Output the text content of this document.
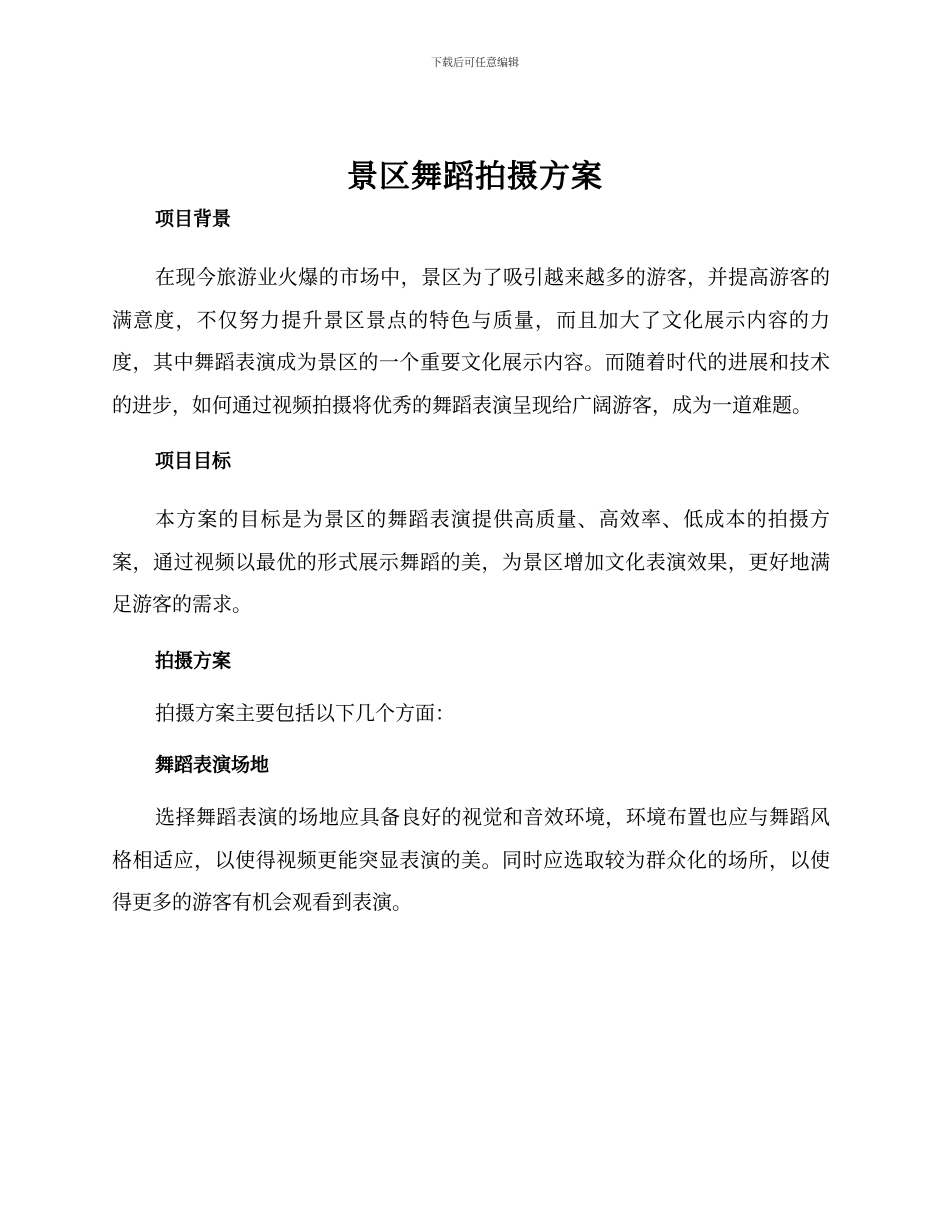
下载后可任意编辑
景区舞蹈拍摄方案

项目背景

在现今旅游业火爆的市场中，景区为了吸引越来越多的游客，并提高游客的满意度，不仅努力提升景区景点的特色与质量，而且加大了文化展示内容的力度，其中舞蹈表演成为景区的一个重要文化展示内容。而随着时代的进展和技术的进步，如何通过视频拍摄将优秀的舞蹈表演呈现给广阔游客，成为一道难题。

项目目标

本方案的目标是为景区的舞蹈表演提供高质量、高效率、低成本的拍摄方案，通过视频以最优的形式展示舞蹈的美，为景区增加文化表演效果，更好地满足游客的需求。

拍摄方案

拍摄方案主要包括以下几个方面：

舞蹈表演场地

选择舞蹈表演的场地应具备良好的视觉和音效环境，环境布置也应与舞蹈风格相适应，以使得视频更能突显表演的美。同时应选取较为群众化的场所，以使得更多的游客有机会观看到表演。
